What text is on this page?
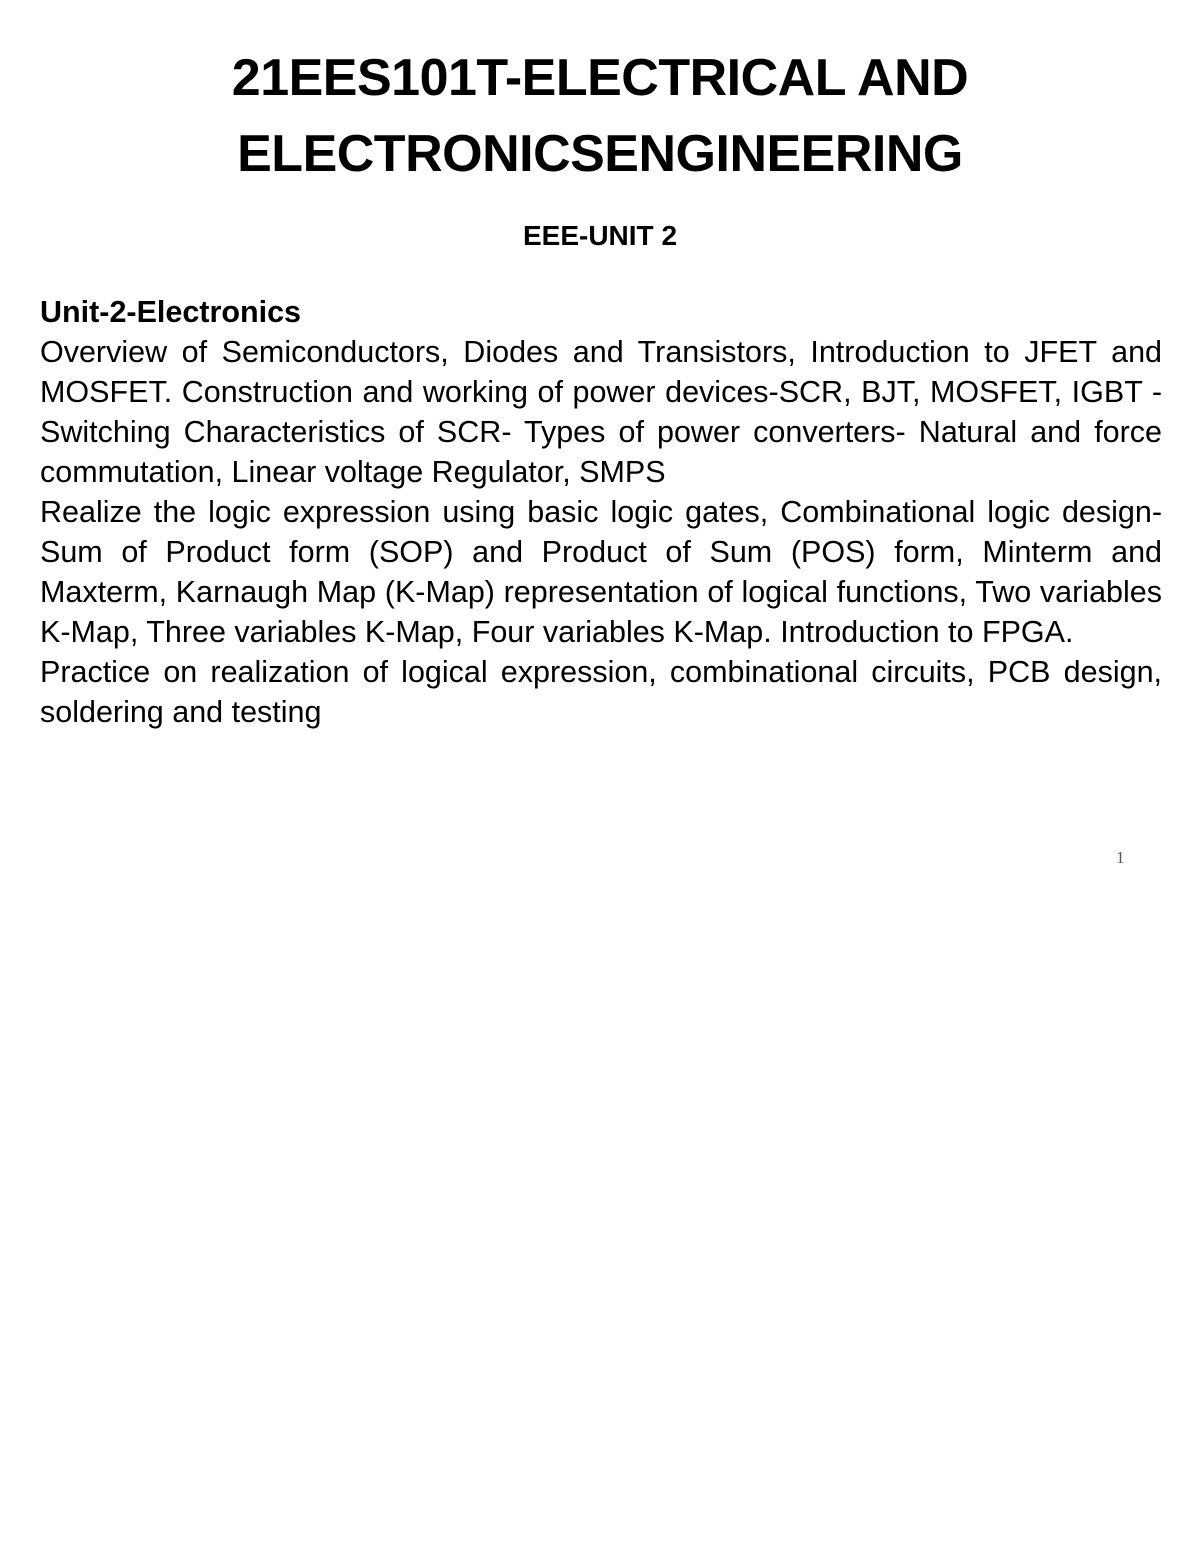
21EES101T-ELECTRICAL AND
ELECTRONICSENGINEERING
EEE-UNIT 2

Unit-2-Electronics

Overview of Semiconductors, Diodes and Transistors, Introduction to JFET and MOSFET. Construction and working of power devices-SCR, BJT, MOSFET, IGBT -Switching Characteristics of SCR- Types of power converters- Natural and force commutation, Linear voltage Regulator, SMPS

Realize the logic expression using basic logic gates, Combinational logic design-Sum of Product form (SOP) and Product of Sum (POS) form, Minterm and Maxterm, Karnaugh Map (K-Map) representation of logical functions, Two variables K-Map, Three variables K-Map, Four variables K-Map. Introduction to FPGA.

Practice on realization of logical expression, combinational circuits, PCB design, soldering and testing

1
